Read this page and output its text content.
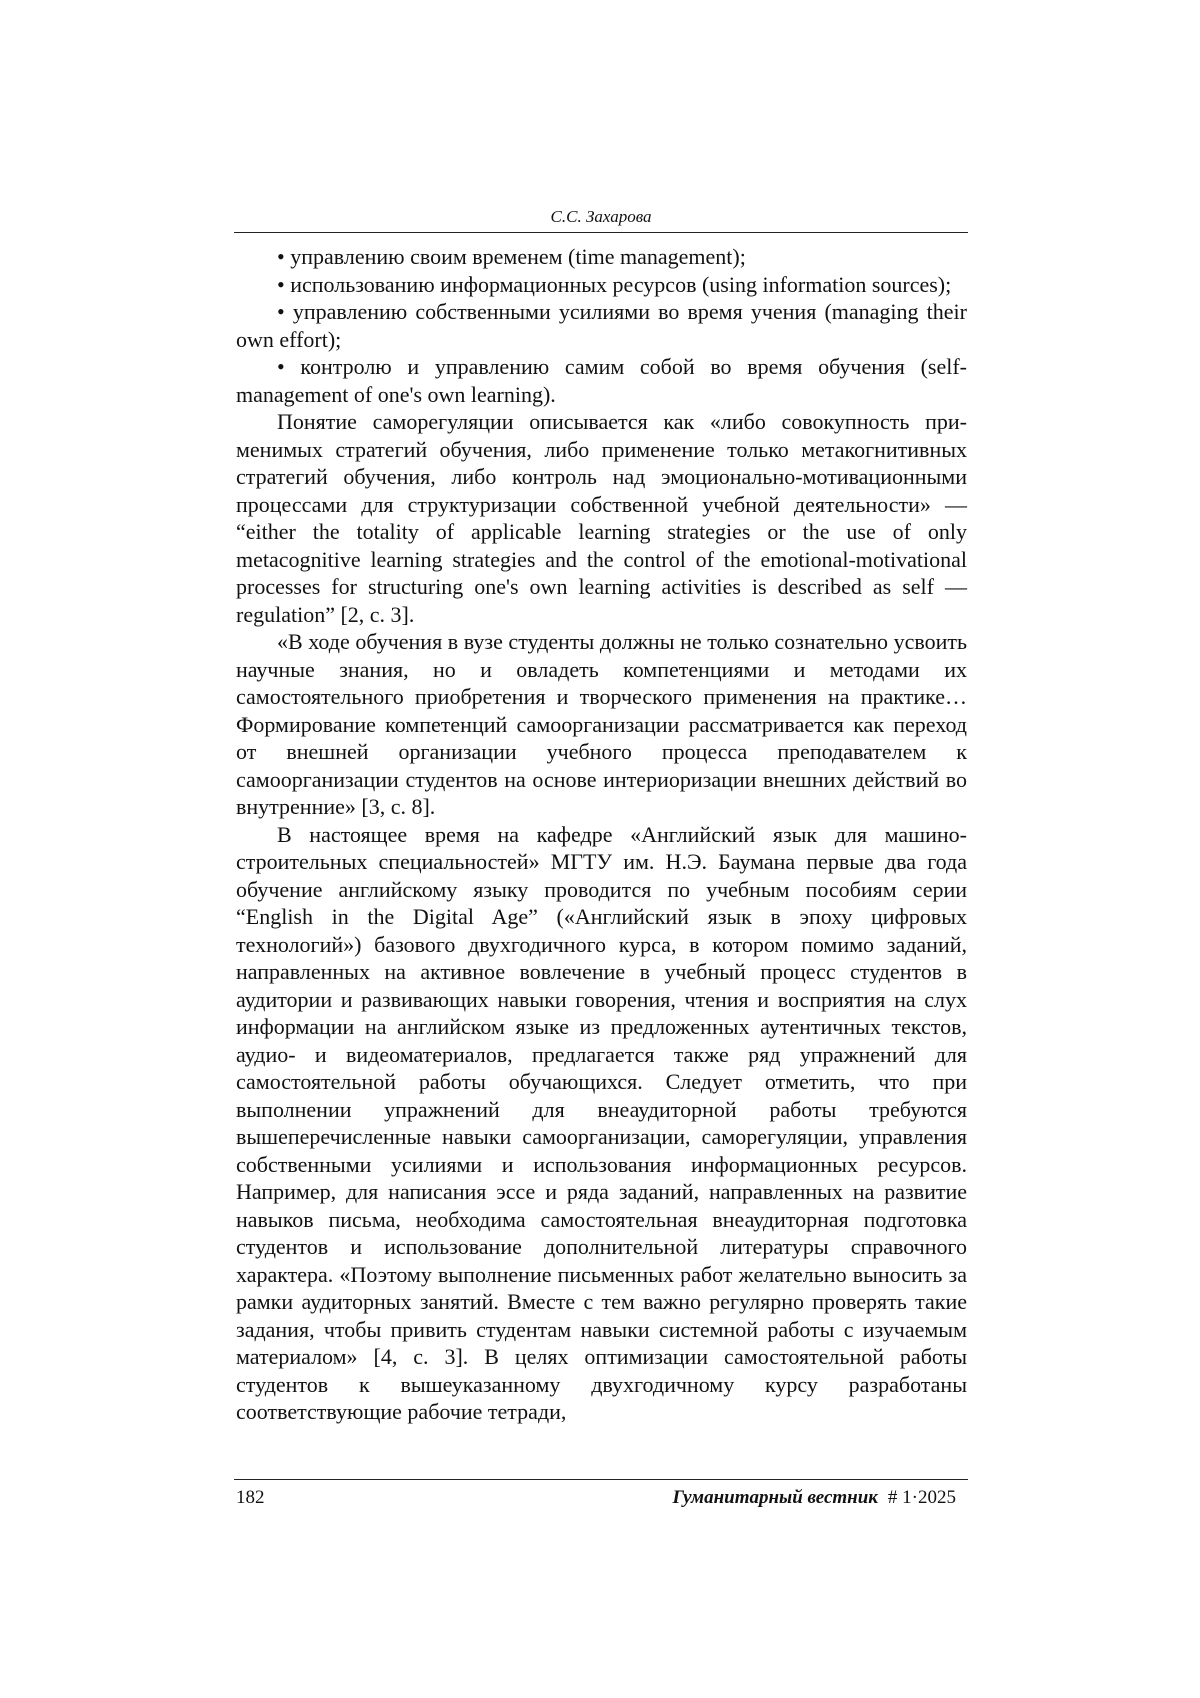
С.С. Захарова

• управлению своим временем (time management);

• использованию информационных ресурсов (using information sources);

• управлению собственными усилиями во время учения (managing their own effort);

• контролю и управлению самим собой во время обучения (self-management of one's own learning).

Понятие саморегуляции описывается как «либо совокупность применимых стратегий обучения, либо применение только метакогнитивных стратегий обучения, либо контроль над эмоционально-мотивационными процессами для структуризации собственной учебной деятельности» — “either the totality of applicable learning strategies or the use of only metacognitive learning strategies and the control of the emotional-motivational processes for structuring one's own learning activities is described as self — regulation” [2, с. 3].

«В ходе обучения в вузе студенты должны не только сознательно усвоить научные знания, но и овладеть компетенциями и методами их самостоятельного приобретения и творческого применения на практике… Формирование компетенций самоорганизации рассматривается как переход от внешней организации учебного процесса преподавателем к самоорганизации студентов на основе интериоризации внешних действий во внутренние» [3, с. 8].

В настоящее время на кафедре «Английский язык для машиностроительных специальностей» МГТУ им. Н.Э. Баумана первые два года обучение английскому языку проводится по учебным пособиям серии “English in the Digital Age” («Английский язык в эпоху цифровых технологий») базового двухгодичного курса, в котором помимо заданий, направленных на активное вовлечение в учебный процесс студентов в аудитории и развивающих навыки говорения, чтения и восприятия на слух информации на английском языке из предложенных аутентичных текстов, аудио- и видеоматериалов, предлагается также ряд упражнений для самостоятельной работы обучающихся. Следует отметить, что при выполнении упражнений для внеаудиторной работы требуются вышеперечисленные навыки самоорганизации, саморегуляции, управления собственными усилиями и использования информационных ресурсов. Например, для написания эссе и ряда заданий, направленных на развитие навыков письма, необходима самостоятельная внеаудиторная подготовка студентов и использование дополнительной литературы справочного характера. «Поэтому выполнение письменных работ желательно выносить за рамки аудиторных занятий. Вместе с тем важно регулярно проверять такие задания, чтобы привить студентам навыки системной работы с изучаемым материалом» [4, с. 3]. В целях оптимизации самостоятельной работы студентов к вышеуказанному двухгодичному курсу разработаны соответствующие рабочие тетради,

182	Гуманитарный вестник # 1·2025
